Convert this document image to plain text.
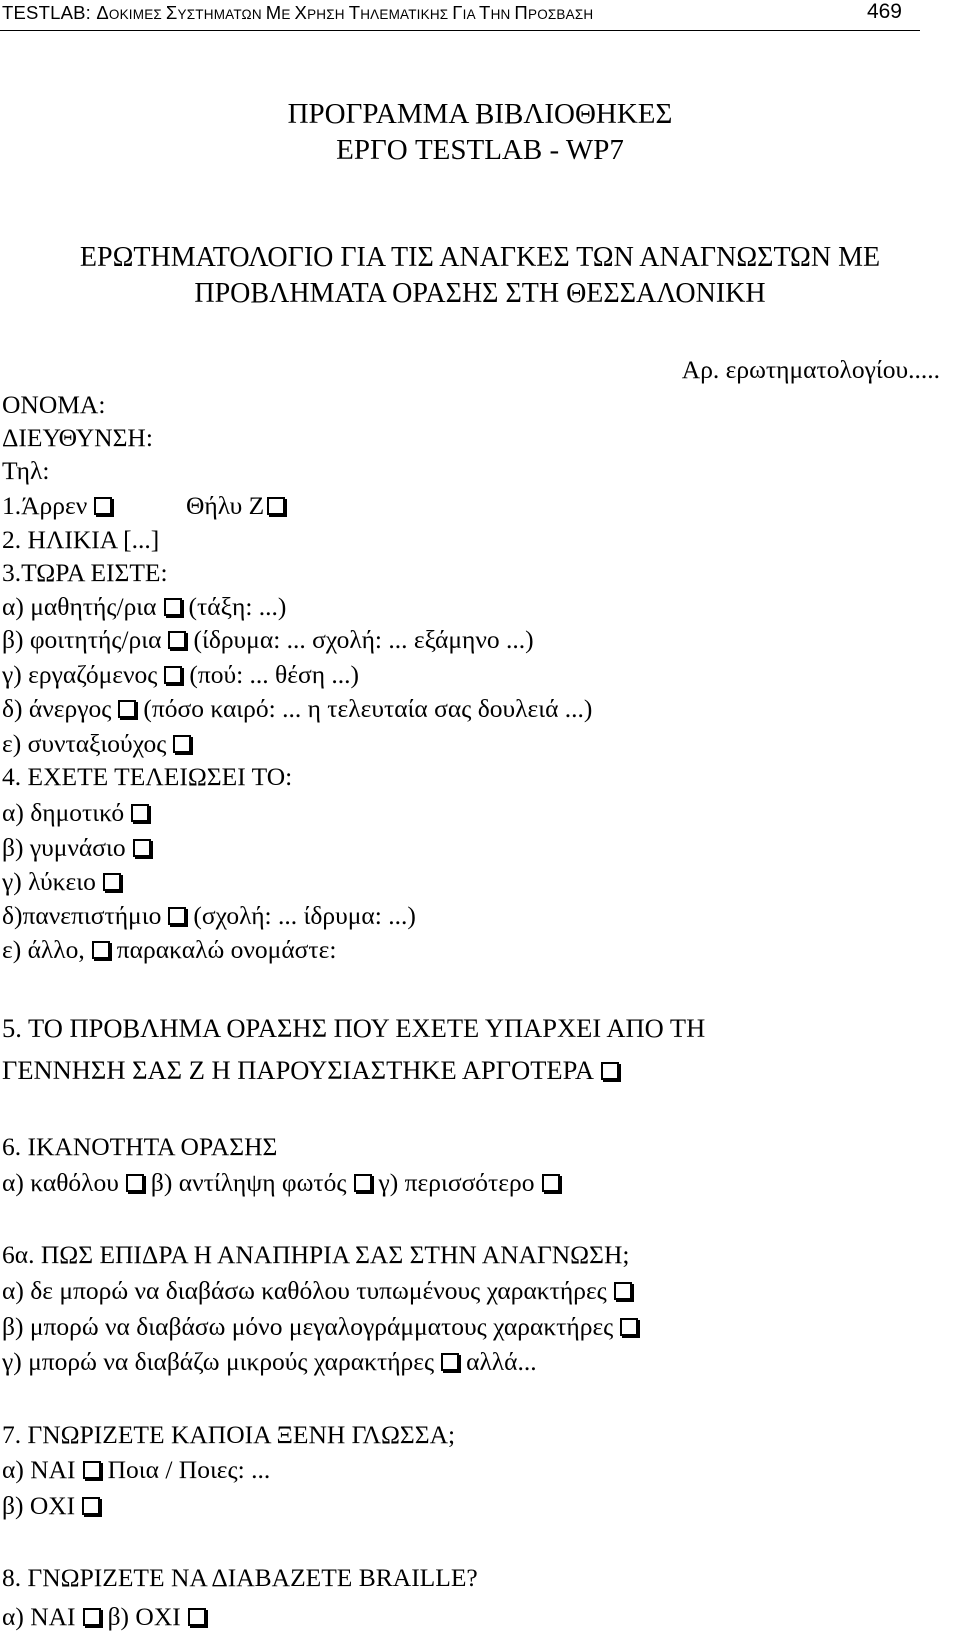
TESTLAB: ΔΟΚΙΜΕΣ ΣΥΣΤΗΜΑΤΩΝ ΜΕ ΧΡΗΣΗ ΤΗΛΕΜΑΤΙΚΗΣ ΓΙΑ ΤΗΝ ΠΡΟΣΒΑΣΗ	469
ΠΡΟΓΡΑΜΜΑ ΒΙΒΛΙΟΘΗΚΕΣ
ΕΡΓΟ TESTLAB - WP7
ΕΡΩΤΗΜΑΤΟΛΟΓΙΟ ΓΙΑ ΤΙΣ ΑΝΑΓΚΕΣ ΤΩΝ ΑΝΑΓΝΩΣΤΩΝ ΜΕ
ΠΡΟΒΛΗΜΑΤΑ ΟΡΑΣΗΣ ΣΤΗ ΘΕΣΣΑΛΟΝΙΚΗ
Αρ. ερωτηματολογίου.....
ΟΝΟΜΑ:
ΔΙΕΥΘΥΝΣΗ:
Τηλ:
1.Άρρεν	Θήλυ Ζ
2. ΗΛΙΚΙΑ [...]
3.ΤΩΡΑ ΕΙΣΤΕ:
α) μαθητής/ρια (τάξη: ...)
β) φοιτητής/ρια (ίδρυμα: ... σχολή: ... εξάμηνο ...)
γ) εργαζόμενος (πού: ... θέση ...)
δ) άνεργος (πόσο καιρό: ... η τελευταία σας δουλειά ...)
ε) συνταξιούχος
4. ΕΧΕΤΕ ΤΕΛΕΙΩΣΕΙ ΤΟ:
α) δημοτικό
β) γυμνάσιο
γ) λύκειο
δ)πανεπιστήμιο (σχολή: ... ίδρυμα: ...)
ε) άλλο, παρακαλώ ονομάστε:
5. ΤΟ ΠΡΟΒΛΗΜΑ ΟΡΑΣΗΣ ΠΟΥ ΕΧΕΤΕ ΥΠΑΡΧΕΙ ΑΠΟ ΤΗ
ΓΕΝΝΗΣΗ ΣΑΣ Ζ Η ΠΑΡΟΥΣΙΑΣΤΗΚΕ ΑΡΓΟΤΕΡΑ
6. ΙΚΑΝΟΤΗΤΑ ΟΡΑΣΗΣ
α) καθόλου β) αντίληψη φωτός γ) περισσότερο
6α. ΠΩΣ ΕΠΙΔΡΑ Η ΑΝΑΠΗΡΙΑ ΣΑΣ ΣΤΗΝ ΑΝΑΓΝΩΣΗ;
α) δε μπορώ να διαβάσω καθόλου τυπωμένους χαρακτήρες
β) μπορώ να διαβάσω μόνο μεγαλογράμματους χαρακτήρες
γ) μπορώ να διαβάζω μικρούς χαρακτήρες αλλά...
7. ΓΝΩΡΙΖΕΤΕ ΚΑΠΟΙΑ ΞΕΝΗ ΓΛΩΣΣΑ;
α) ΝΑΙ Ποια / Ποιες: ...
β) ΟΧΙ
8. ΓΝΩΡΙΖΕΤΕ ΝΑ ΔΙΑΒΑΖΕΤΕ BRAILLE?
α) ΝΑΙ β) ΟΧΙ
